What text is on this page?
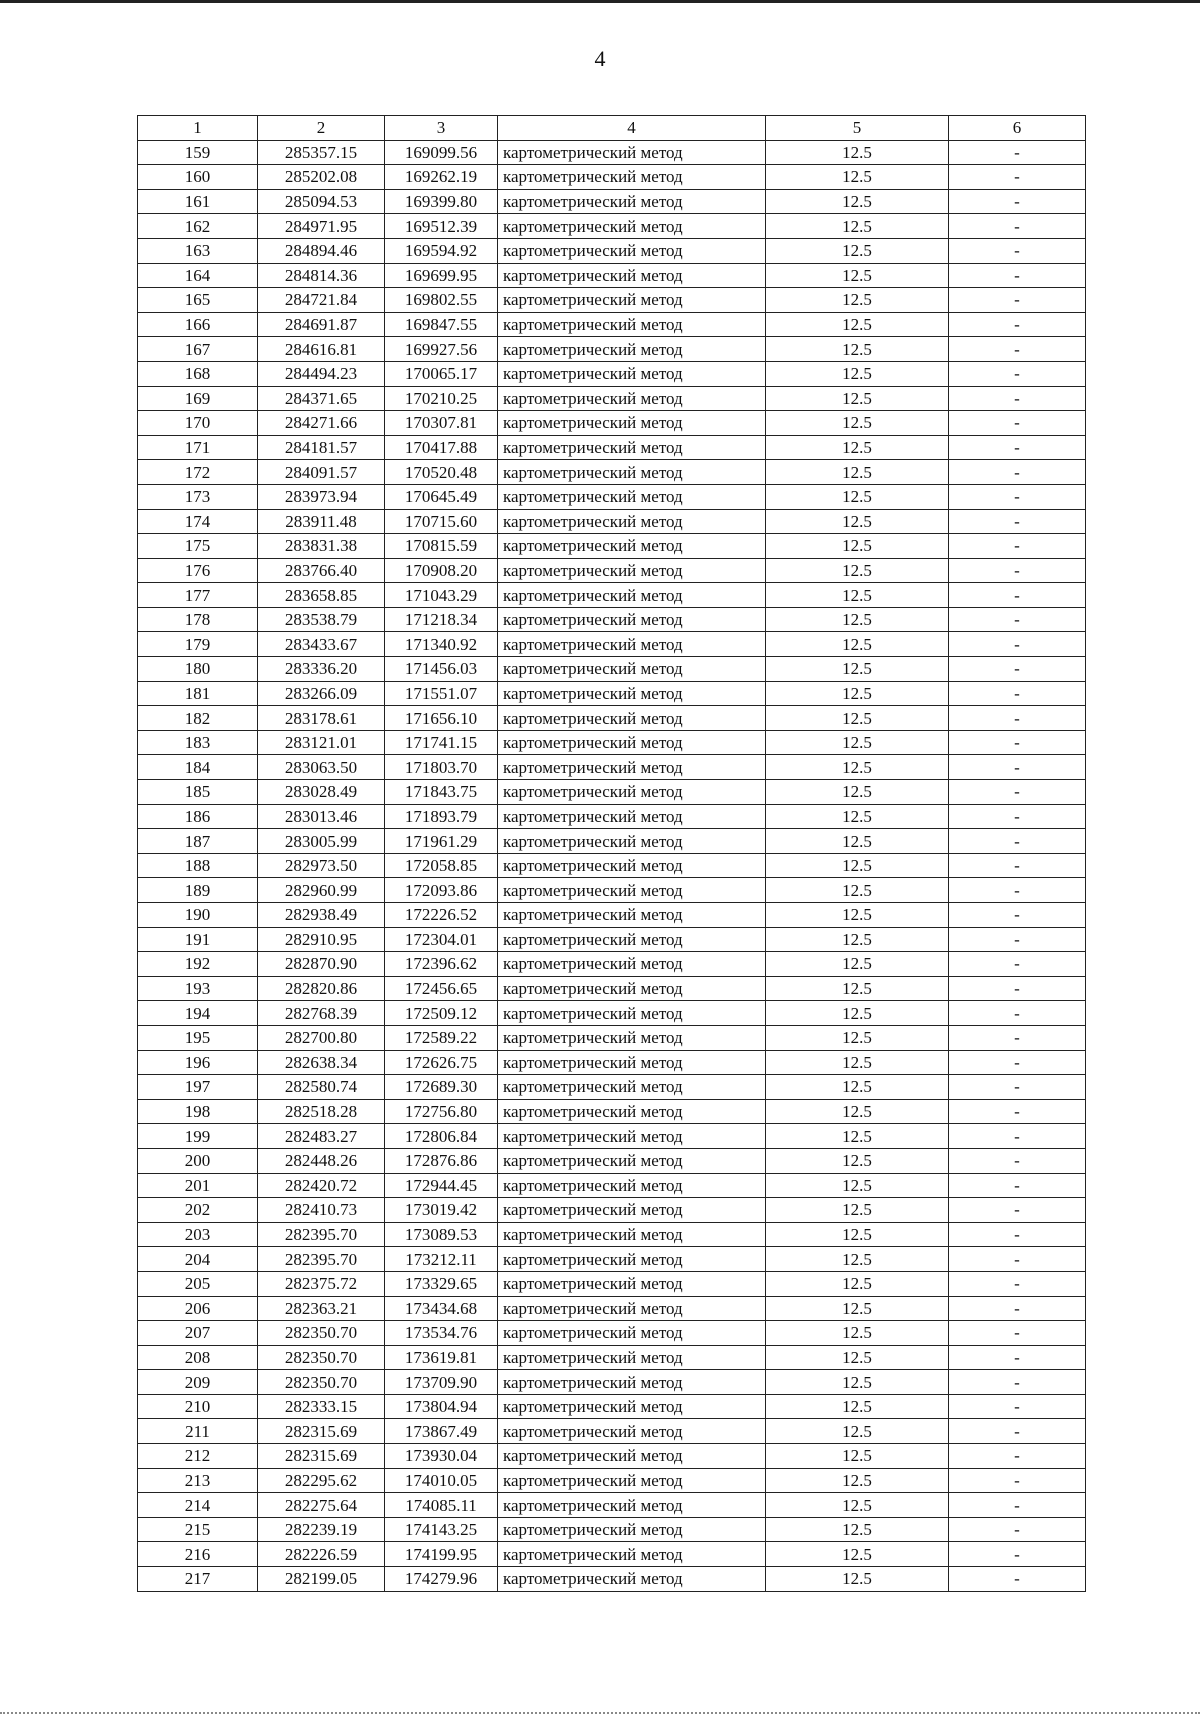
4
1	2	3	4	5	6
159	285357.15	169099.56	картометрический метод	12.5	-
160	285202.08	169262.19	картометрический метод	12.5	-
161	285094.53	169399.80	картометрический метод	12.5	-
162	284971.95	169512.39	картометрический метод	12.5	-
163	284894.46	169594.92	картометрический метод	12.5	-
164	284814.36	169699.95	картометрический метод	12.5	-
165	284721.84	169802.55	картометрический метод	12.5	-
166	284691.87	169847.55	картометрический метод	12.5	-
167	284616.81	169927.56	картометрический метод	12.5	-
168	284494.23	170065.17	картометрический метод	12.5	-
169	284371.65	170210.25	картометрический метод	12.5	-
170	284271.66	170307.81	картометрический метод	12.5	-
171	284181.57	170417.88	картометрический метод	12.5	-
172	284091.57	170520.48	картометрический метод	12.5	-
173	283973.94	170645.49	картометрический метод	12.5	-
174	283911.48	170715.60	картометрический метод	12.5	-
175	283831.38	170815.59	картометрический метод	12.5	-
176	283766.40	170908.20	картометрический метод	12.5	-
177	283658.85	171043.29	картометрический метод	12.5	-
178	283538.79	171218.34	картометрический метод	12.5	-
179	283433.67	171340.92	картометрический метод	12.5	-
180	283336.20	171456.03	картометрический метод	12.5	-
181	283266.09	171551.07	картометрический метод	12.5	-
182	283178.61	171656.10	картометрический метод	12.5	-
183	283121.01	171741.15	картометрический метод	12.5	-
184	283063.50	171803.70	картометрический метод	12.5	-
185	283028.49	171843.75	картометрический метод	12.5	-
186	283013.46	171893.79	картометрический метод	12.5	-
187	283005.99	171961.29	картометрический метод	12.5	-
188	282973.50	172058.85	картометрический метод	12.5	-
189	282960.99	172093.86	картометрический метод	12.5	-
190	282938.49	172226.52	картометрический метод	12.5	-
191	282910.95	172304.01	картометрический метод	12.5	-
192	282870.90	172396.62	картометрический метод	12.5	-
193	282820.86	172456.65	картометрический метод	12.5	-
194	282768.39	172509.12	картометрический метод	12.5	-
195	282700.80	172589.22	картометрический метод	12.5	-
196	282638.34	172626.75	картометрический метод	12.5	-
197	282580.74	172689.30	картометрический метод	12.5	-
198	282518.28	172756.80	картометрический метод	12.5	-
199	282483.27	172806.84	картометрический метод	12.5	-
200	282448.26	172876.86	картометрический метод	12.5	-
201	282420.72	172944.45	картометрический метод	12.5	-
202	282410.73	173019.42	картометрический метод	12.5	-
203	282395.70	173089.53	картометрический метод	12.5	-
204	282395.70	173212.11	картометрический метод	12.5	-
205	282375.72	173329.65	картометрический метод	12.5	-
206	282363.21	173434.68	картометрический метод	12.5	-
207	282350.70	173534.76	картометрический метод	12.5	-
208	282350.70	173619.81	картометрический метод	12.5	-
209	282350.70	173709.90	картометрический метод	12.5	-
210	282333.15	173804.94	картометрический метод	12.5	-
211	282315.69	173867.49	картометрический метод	12.5	-
212	282315.69	173930.04	картометрический метод	12.5	-
213	282295.62	174010.05	картометрический метод	12.5	-
214	282275.64	174085.11	картометрический метод	12.5	-
215	282239.19	174143.25	картометрический метод	12.5	-
216	282226.59	174199.95	картометрический метод	12.5	-
217	282199.05	174279.96	картометрический метод	12.5	-
